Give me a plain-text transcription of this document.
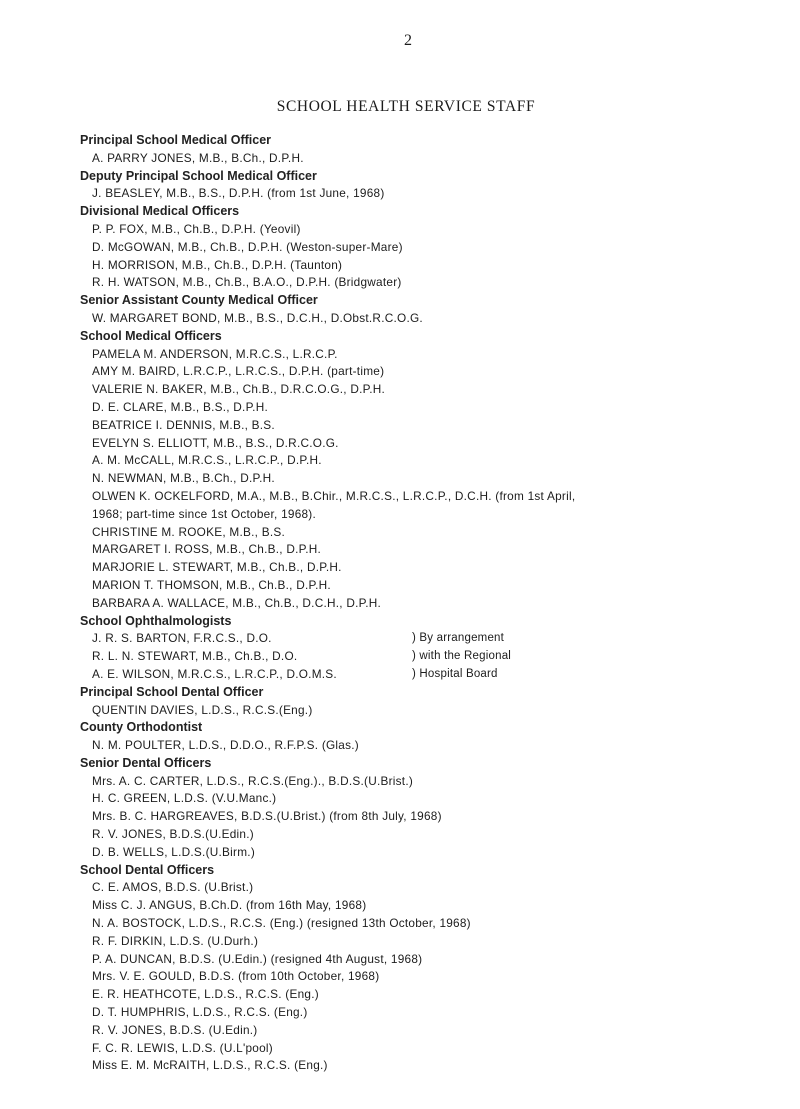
2
SCHOOL HEALTH SERVICE STAFF
Principal School Medical Officer
A. PARRY JONES, M.B., B.Ch., D.P.H.
Deputy Principal School Medical Officer
J. BEASLEY, M.B., B.S., D.P.H. (from 1st June, 1968)
Divisional Medical Officers
P. P. FOX, M.B., Ch.B., D.P.H. (Yeovil)
D. McGOWAN, M.B., Ch.B., D.P.H. (Weston-super-Mare)
H. MORRISON, M.B., Ch.B., D.P.H. (Taunton)
R. H. WATSON, M.B., Ch.B., B.A.O., D.P.H. (Bridgwater)
Senior Assistant County Medical Officer
W. MARGARET BOND, M.B., B.S., D.C.H., D.Obst.R.C.O.G.
School Medical Officers
PAMELA M. ANDERSON, M.R.C.S., L.R.C.P.
AMY M. BAIRD, L.R.C.P., L.R.C.S., D.P.H. (part-time)
VALERIE N. BAKER, M.B., Ch.B., D.R.C.O.G., D.P.H.
D. E. CLARE, M.B., B.S., D.P.H.
BEATRICE I. DENNIS, M.B., B.S.
EVELYN S. ELLIOTT, M.B., B.S., D.R.C.O.G.
A. M. McCALL, M.R.C.S., L.R.C.P., D.P.H.
N. NEWMAN, M.B., B.Ch., D.P.H.
OLWEN K. OCKELFORD, M.A., M.B., B.Chir., M.R.C.S., L.R.C.P., D.C.H. (from 1st April,
1968; part-time since 1st October, 1968).
CHRISTINE M. ROOKE, M.B., B.S.
MARGARET I. ROSS, M.B., Ch.B., D.P.H.
MARJORIE L. STEWART, M.B., Ch.B., D.P.H.
MARION T. THOMSON, M.B., Ch.B., D.P.H.
BARBARA A. WALLACE, M.B., Ch.B., D.C.H., D.P.H.
School Ophthalmologists
J. R. S. BARTON, F.R.C.S., D.O.
R. L. N. STEWART, M.B., Ch.B., D.O.
A. E. WILSON, M.R.C.S., L.R.C.P., D.O.M.S.
) By arrangement
) with the Regional
) Hospital Board
Principal School Dental Officer
QUENTIN DAVIES, L.D.S., R.C.S.(Eng.)
County Orthodontist
N. M. POULTER, L.D.S., D.D.O., R.F.P.S. (Glas.)
Senior Dental Officers
Mrs. A. C. CARTER, L.D.S., R.C.S.(Eng.)., B.D.S.(U.Brist.)
H. C. GREEN, L.D.S. (V.U.Manc.)
Mrs. B. C. HARGREAVES, B.D.S.(U.Brist.) (from 8th July, 1968)
R. V. JONES, B.D.S.(U.Edin.)
D. B. WELLS, L.D.S.(U.Birm.)
School Dental Officers
C. E. AMOS, B.D.S. (U.Brist.)
Miss C. J. ANGUS, B.Ch.D. (from 16th May, 1968)
N. A. BOSTOCK, L.D.S., R.C.S. (Eng.) (resigned 13th October, 1968)
R. F. DIRKIN, L.D.S. (U.Durh.)
P. A. DUNCAN, B.D.S. (U.Edin.) (resigned 4th August, 1968)
Mrs. V. E. GOULD, B.D.S. (from 10th October, 1968)
E. R. HEATHCOTE, L.D.S., R.C.S. (Eng.)
D. T. HUMPHRIS, L.D.S., R.C.S. (Eng.)
R. V. JONES, B.D.S. (U.Edin.)
F. C. R. LEWIS, L.D.S. (U.L'pool)
Miss E. M. McRAITH, L.D.S., R.C.S. (Eng.)
